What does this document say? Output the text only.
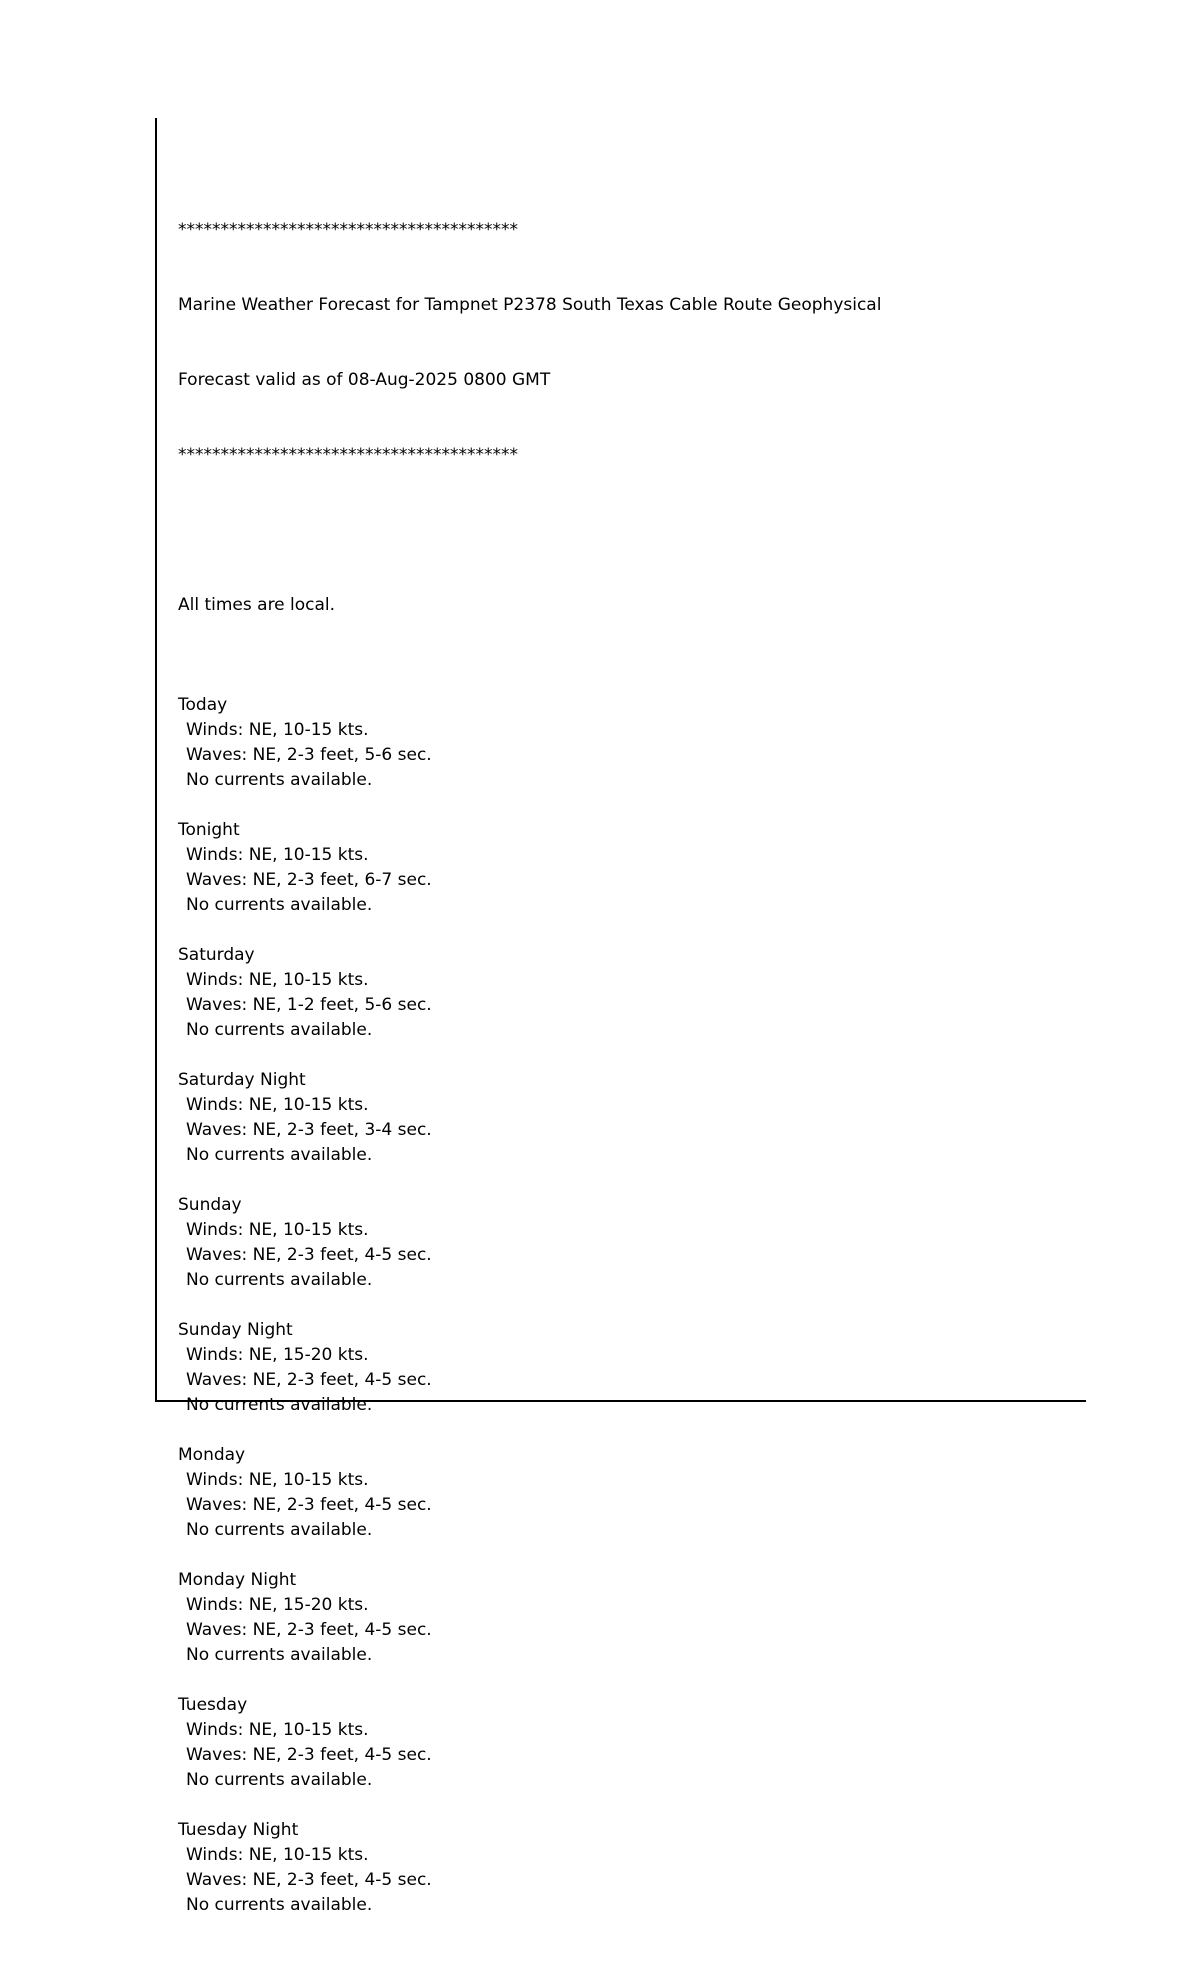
****************************************

Marine Weather Forecast for Tampnet P2378 South Texas Cable Route Geophysical

Forecast valid as of 08-Aug-2025 0800 GMT

****************************************

All times are local.

Today
Winds: NE, 10-15 kts.
Waves: NE, 2-3 feet, 5-6 sec.
No currents available.
Tonight
Winds: NE, 10-15 kts.
Waves: NE, 2-3 feet, 6-7 sec.
No currents available.
Saturday
Winds: NE, 10-15 kts.
Waves: NE, 1-2 feet, 5-6 sec.
No currents available.
Saturday Night
Winds: NE, 10-15 kts.
Waves: NE, 2-3 feet, 3-4 sec.
No currents available.
Sunday
Winds: NE, 10-15 kts.
Waves: NE, 2-3 feet, 4-5 sec.
No currents available.
Sunday Night
Winds: NE, 15-20 kts.
Waves: NE, 2-3 feet, 4-5 sec.
No currents available.
Monday
Winds: NE, 10-15 kts.
Waves: NE, 2-3 feet, 4-5 sec.
No currents available.
Monday Night
Winds: NE, 15-20 kts.
Waves: NE, 2-3 feet, 4-5 sec.
No currents available.
Tuesday
Winds: NE, 10-15 kts.
Waves: NE, 2-3 feet, 4-5 sec.
No currents available.
Tuesday Night
Winds: NE, 10-15 kts.
Waves: NE, 2-3 feet, 4-5 sec.
No currents available.
